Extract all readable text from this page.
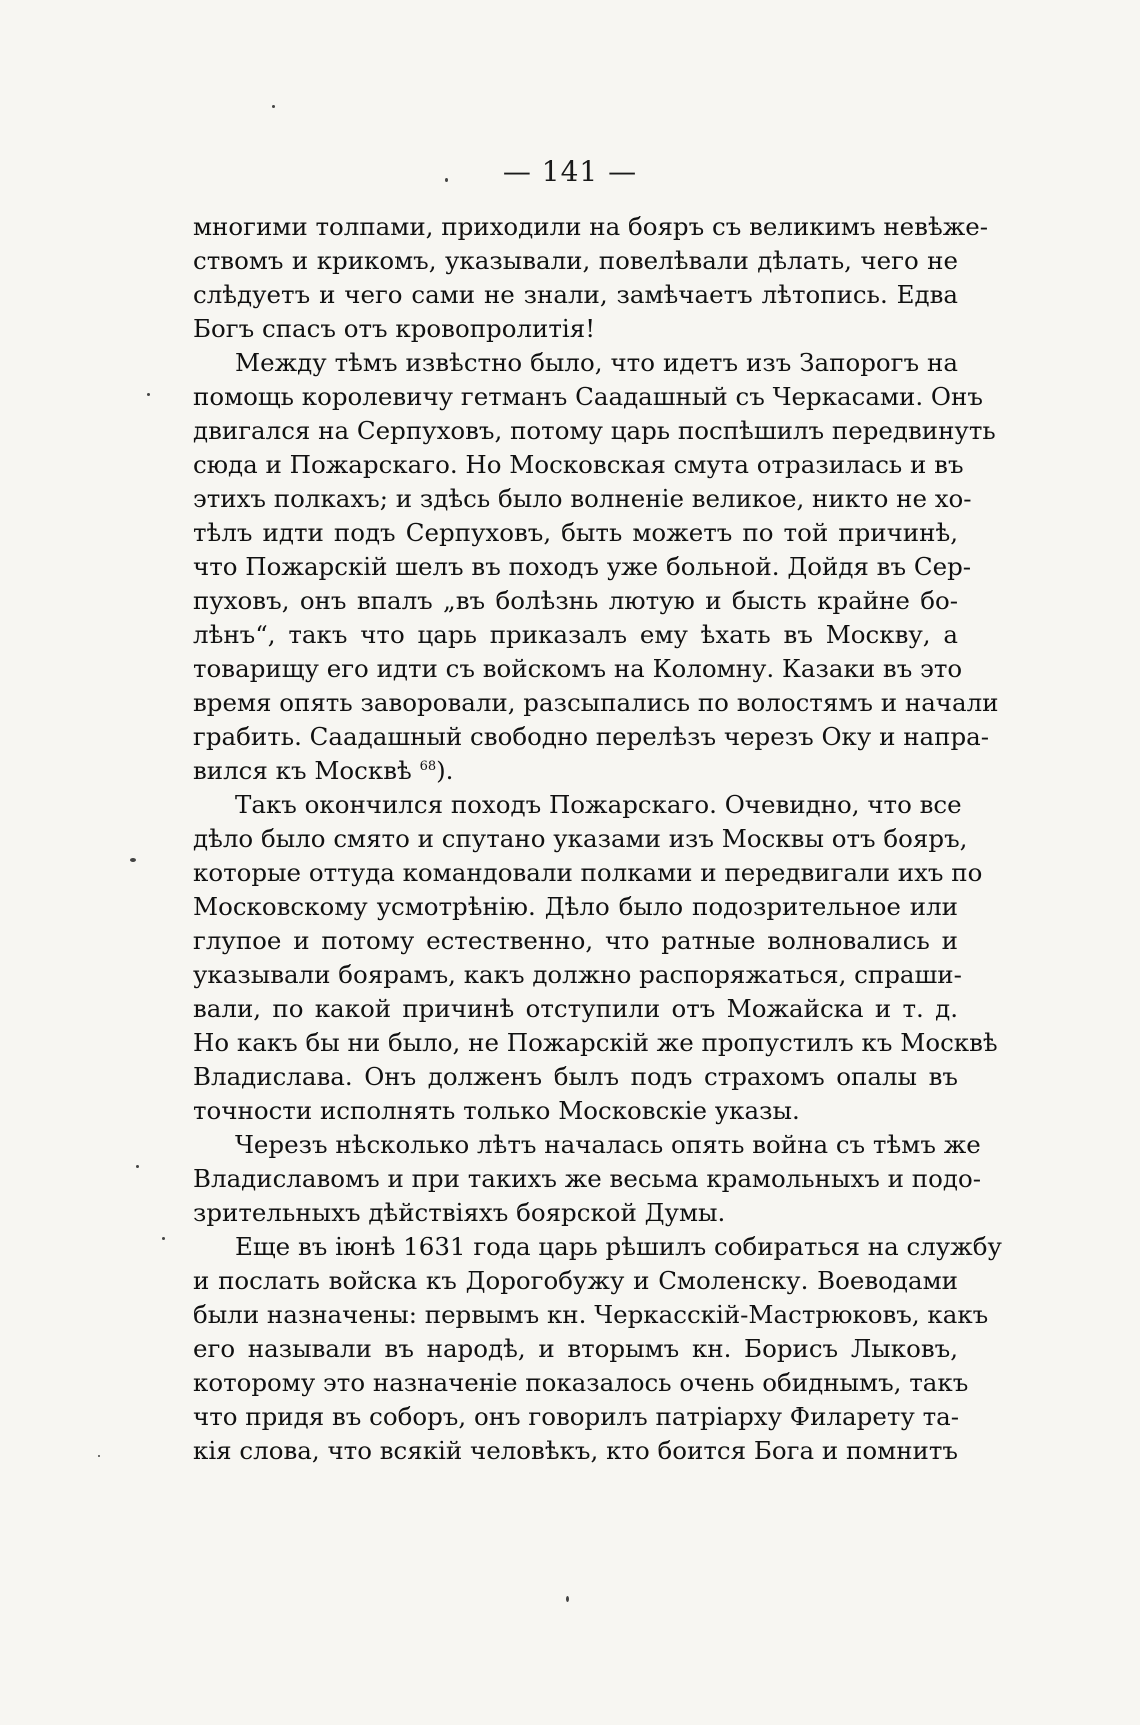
— 141 —
многими толпами, приходили на бояръ съ великимъ невѣже-
ствомъ и крикомъ, указывали, повелѣвали дѣлать, чего не
слѣдуетъ и чего сами не знали, замѣчаетъ лѣтопись. Едва
Богъ спасъ отъ кровопролитія!
Между тѣмъ извѣстно было, что идетъ изъ Запорогъ на
помощь королевичу гетманъ Саадашный съ Черкасами. Онъ
двигался на Серпуховъ, потому царь поспѣшилъ передвинуть
сюда и Пожарскаго. Но Московская смута отразилась и въ
этихъ полкахъ; и здѣсь было волненіе великое, никто не хо-
тѣлъ идти подъ Серпуховъ, быть можетъ по той причинѣ,
что Пожарскій шелъ въ походъ уже больной. Дойдя въ Сер-
пуховъ, онъ впалъ „въ болѣзнь лютую и бысть крайне бо-
лѣнъ“, такъ что царь приказалъ ему ѣхать въ Москву, а
товарищу его идти съ войскомъ на Коломну. Казаки въ это
время опять заворовали, разсыпались по волостямъ и начали
грабить. Саадашный свободно перелѣзъ черезъ Оку и напра-
вился къ Москвѣ $^{68}$).
Такъ окончился походъ Пожарскаго. Очевидно, что все
дѣло было смято и спутано указами изъ Москвы отъ бояръ,
которые оттуда командовали полками и передвигали ихъ по
Московскому усмотрѣнію. Дѣло было подозрительное или
глупое и потому естественно, что ратные волновались и
указывали боярамъ, какъ должно распоряжаться, спраши-
вали, по какой причинѣ отступили отъ Можайска и т. д.
Но какъ бы ни было, не Пожарскій же пропустилъ къ Москвѣ
Владислава. Онъ долженъ былъ подъ страхомъ опалы въ
точности исполнять только Московскіе указы.
Черезъ нѣсколько лѣтъ началась опять война съ тѣмъ же
Владиславомъ и при такихъ же весьма крамольныхъ и подо-
зрительныхъ дѣйствіяхъ боярской Думы.
Еще въ іюнѣ 1631 года царь рѣшилъ собираться на службу
и послать войска къ Дорогобужу и Смоленску. Воеводами
были назначены: первымъ кн. Черкасскій-Мастрюковъ, какъ
его называли въ народѣ, и вторымъ кн. Борисъ Лыковъ,
которому это назначеніе показалось очень обиднымъ, такъ
что придя въ соборъ, онъ говорилъ патріарху Филарету та-
кія слова, что всякій человѣкъ, кто боится Бога и помнитъ
